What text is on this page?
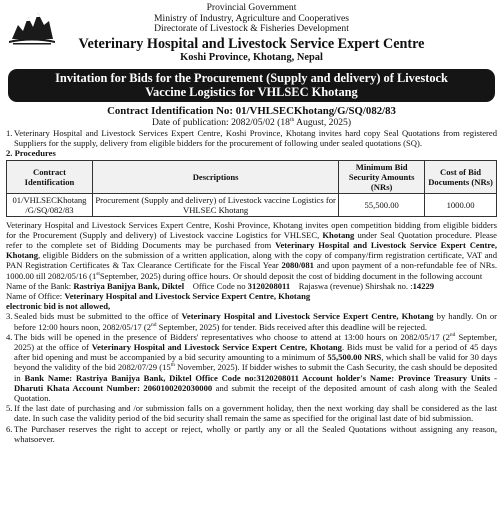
Provincial Government
Ministry of Industry, Agriculture and Cooperatives
Directorate of Livestock & Fisheries Development
Veterinary Hospital and Livestock Service Expert Centre
Koshi Province, Khotang, Nepal
Invitation for Bids for the Procurement (Supply and delivery) of Livestock
Vaccine Logistics for VHLSEC Khotang
Contract Identification No: 01/VHLSECKhotang/G/SQ/082/83
Date of publication: 2082/05/02 (18th August, 2025)
1. Veterinary Hospital and Livestock Services Expert Centre, Koshi Province, Khotang invites hard copy Seal Quotations from registered Suppliers for the supply, delivery from eligible bidders for the procurement of following under sealed quotations (SQ).

2. Procedures

Contract Identification	Descriptions	Minimum Bid Security Amounts (NRs)	Cost of Bid Documents (NRs)
01/VHLSECKhotang /G/SQ/082/83	Procurement (Supply and delivery) of Livestock vaccine Logistics for VHLSEC Khotang	55,500.00	1000.00

Veterinary Hospital and Livestock Services Expert Centre, Koshi Province, Khotang invites open competition bidding from eligible bidders for the Procurement (Supply and delivery) of Livestock vaccine Logistics for VHLSEC, Khotang under Seal Quotation procedure. Please refer to the complete set of Bidding Documents may be purchased from Veterinary Hospital and Livestock Service Expert Centre, Khotang, eligible Bidders on the submission of a written application, along with the copy of company/firm registration certificate, VAT and PAN Registration Certificates & Tax Clearance Certificate for the Fiscal Year 2080/081 and upon payment of a non-refundable fee of NRs. 1000.00 till 2082/05/16 (1stSeptember, 2025) during office hours. Or should deposit the cost of bidding document in the following account

Name of the Bank: Rastriya Banijya Bank, Diktel    Office Code no 3120208011    Rajaswa (revenue) Shirshak no. :14229

Name of Office: Veterinary Hospital and Livestock Service Expert Centre, Khotang

electronic bid is not allowed,

3. Sealed bids must be submitted to the office of Veterinary Hospital and Livestock Service Expert Centre, Khotang by handly. On or before 12:00 hours noon, 2082/05/17 (2nd September, 2025) for tender. Bids received after this deadline will be rejected.
4. The bids will be opened in the presence of Bidders' representatives who choose to attend at 13:00 hours on 2082/05/17 (2nd September, 2025) at the office of Veterinary Hospital and Livestock Service Expert Centre, Khotang. Bids must be valid for a period of 45 days after bid opening and must be accompanied by a bid security amounting to a minimum of 55,500.00 NRS, which shall be valid for 30 days beyond the validity of the bid 2082/07/29 (15th November, 2025). If bidder wishes to submit the Cash Security, the cash should be deposited in Bank Name: Rastriya Banijya Bank, Diktel Office Code no:3120208011 Account holder's Name: Province Treasury Units -Dharuti Khata Account Number: 2060100202030000 and submit the receipt of the deposited amount of cash along with the Sealed Quotation.
5. If the last date of purchasing and /or submission falls on a government holiday, then the next working day shall be considered as the last date. In such case the validity period of the bid security shall remain the same as specified for the original last date of bid submission.
6. The Purchaser reserves the right to accept or reject, wholly or partly any or all the Sealed Quotations without assigning any reason, whatsoever.
